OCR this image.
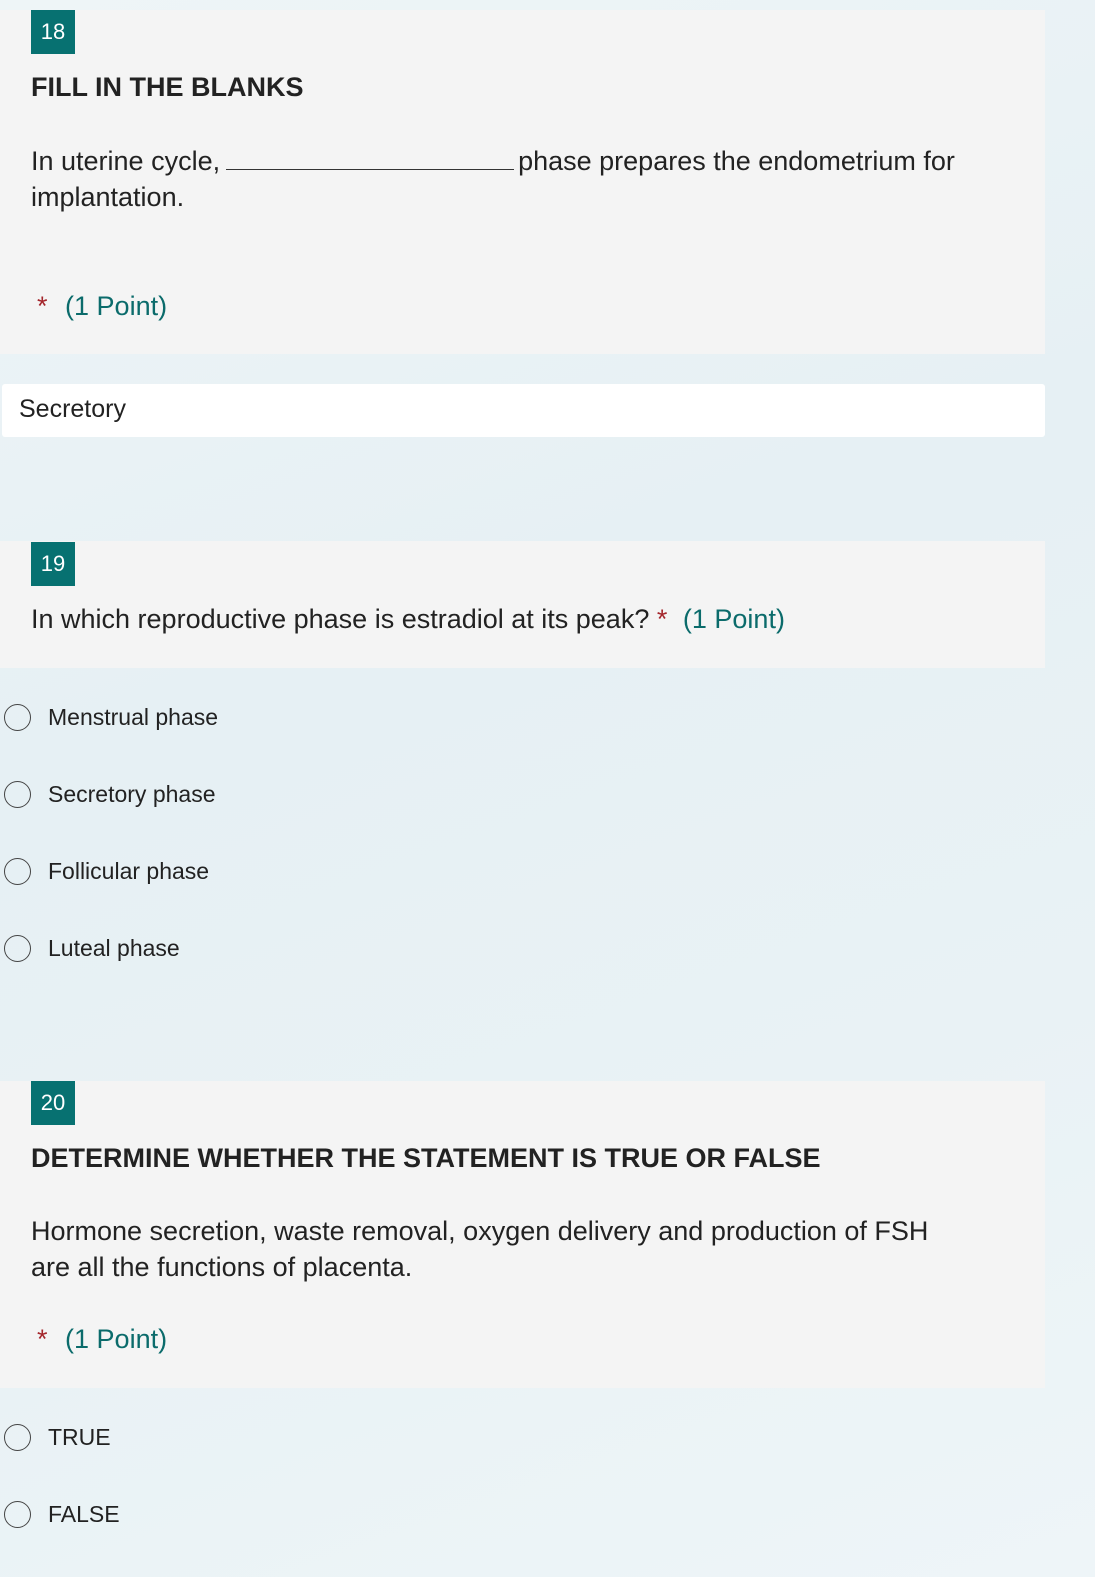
18
FILL IN THE BLANKS
In uterine cycle,	phase prepares the endometrium for
implantation.
* (1 Point)
Secretory
19
In which reproductive phase is estradiol at its peak? * (1 Point)
Menstrual phase
Secretory phase
Follicular phase
Luteal phase
20
DETERMINE WHETHER THE STATEMENT IS TRUE OR FALSE
Hormone secretion, waste removal, oxygen delivery and production of FSH
are all the functions of placenta.
* (1 Point)
TRUE
FALSE
